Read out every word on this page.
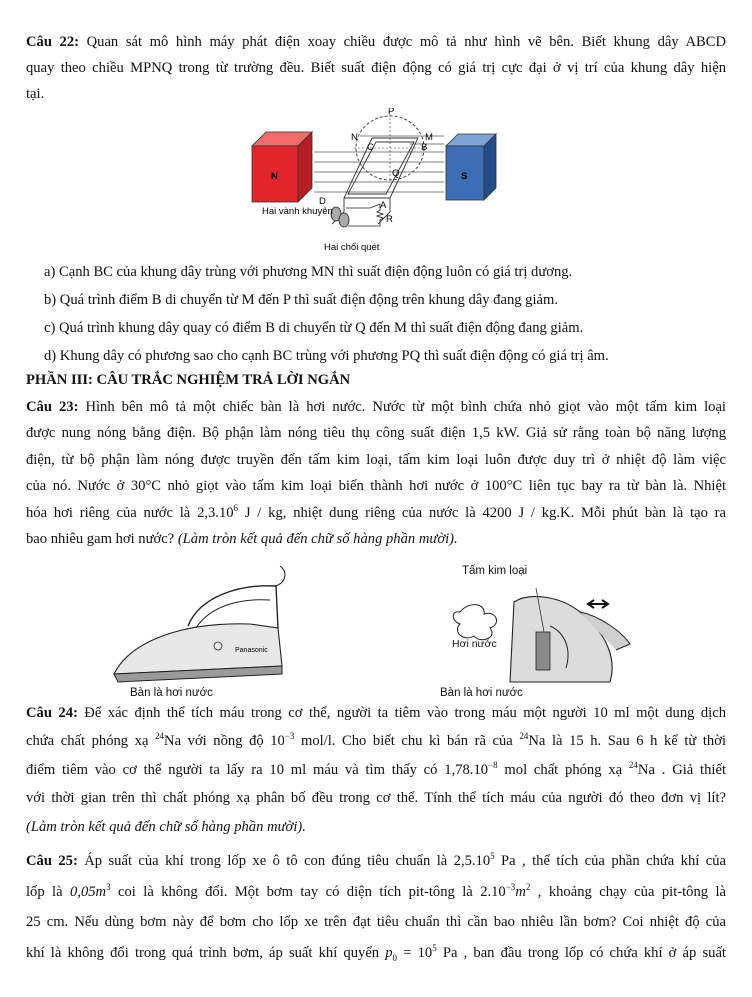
Câu 22: Quan sát mô hình máy phát điện xoay chiều được mô tả như hình vẽ bên. Biết khung dây ABCD
quay theo chiều MPNQ trong từ trường đều. Biết suất điện động có giá trị cực đại ở vị trí của khung dây hiện
tại.
N	S
P
N	M
C	B
Q
D	A
R
Hai vành khuyên
Hai chổi quét
a) Cạnh BC của khung dây trùng với phương MN thì suất điện động luôn có giá trị dương.
b) Quá trình điểm B di chuyển từ M đến P thì suất điện động trên khung dây đang giảm.
c) Quá trình khung dây quay có điểm B di chuyển từ Q đến M thì suất điện động đang giảm.
d) Khung dây có phương sao cho cạnh BC trùng với phương PQ thì suất điện động có giá trị âm.
PHẦN III: CÂU TRẮC NGHIỆM TRẢ LỜI NGẮN
Câu 23: Hình bên mô tả một chiếc bàn là hơi nước. Nước từ một bình chứa nhỏ giọt vào một tấm kim loại
được nung nóng bằng điện. Bộ phận làm nóng tiêu thụ công suất điện 1,5 kW. Giả sử rằng toàn bộ năng lượng
điện, từ bộ phận làm nóng được truyền đến tấm kim loại, tấm kim loại luôn được duy trì ở nhiệt độ làm việc
của nó. Nước ở 30°C nhỏ giọt vào tấm kim loại biến thành hơi nước ở 100°C liên tục bay ra từ bàn là. Nhiệt
hóa hơi riêng của nước là 2,3.10$^6$ J / kg, nhiệt dung riêng của nước là 4200 J / kg.K. Mỗi phút bàn là tạo ra
bao nhiêu gam hơi nước? (Làm tròn kết quả đến chữ số hàng phần mười).
Panasonic
Bàn là hơi nước
Tấm kim loại
Hơi nước
Bàn là hơi nước
Câu 24: Để xác định thể tích máu trong cơ thể, người ta tiêm vào trong máu một người 10 ml một dung dịch
chứa chất phóng xạ $^{24}$Na với nồng độ $10^{-3}$ mol/l. Cho biết chu kì bán rã của $^{24}$Na là 15 h. Sau 6 h kể từ thời
điểm tiêm vào cơ thể người ta lấy ra 10 ml máu và tìm thấy có $1,78.10^{-8}$ mol chất phóng xạ $^{24}$Na . Giả thiết
với thời gian trên thì chất phóng xạ phân bố đều trong cơ thể. Tính thể tích máu của người đó theo đơn vị lít?
(Làm tròn kết quả đến chữ số hàng phần mười).
Câu 25: Áp suất của khí trong lốp xe ô tô con đúng tiêu chuẩn là 2,5.10$^5$ Pa , thể tích của phần chứa khí của
lốp là $0,05m^3$ coi là không đổi. Một bơm tay có diện tích pit-tông là $2.10^{-3}m^2$ , khoảng chạy của pit-tông là
25 cm. Nếu dùng bơm này để bơm cho lốp xe trên đạt tiêu chuẩn thì cần bao nhiêu lần bơm? Coi nhiệt độ của
khí là không đổi trong quá trình bơm, áp suất khí quyển $p_0 = 10^5$ Pa , ban đầu trong lốp có chứa khí ở áp suất
